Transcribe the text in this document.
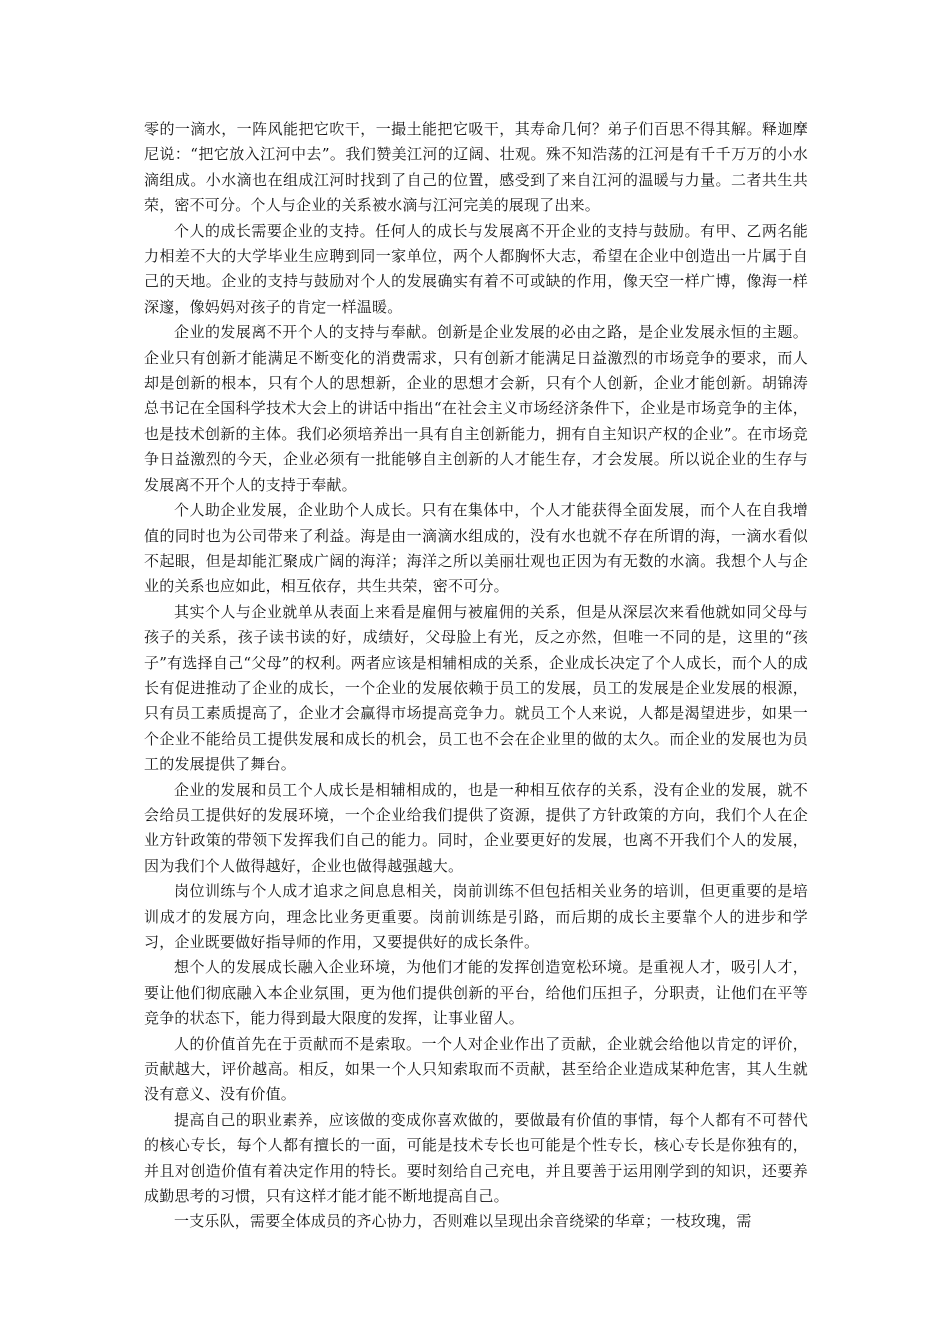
零的一滴水，一阵风能把它吹干，一撮土能把它吸干，其寿命几何？弟子们百思不得其解。释迦摩尼说：“把它放入江河中去”。我们赞美江河的辽阔、壮观。殊不知浩荡的江河是有千千万万的小水滴组成。小水滴也在组成江河时找到了自己的位置，感受到了来自江河的温暖与力量。二者共生共荣，密不可分。个人与企业的关系被水滴与江河完美的展现了出来。

个人的成长需要企业的支持。任何人的成长与发展离不开企业的支持与鼓励。有甲、乙两名能力相差不大的大学毕业生应聘到同一家单位，两个人都胸怀大志，希望在企业中创造出一片属于自己的天地。企业的支持与鼓励对个人的发展确实有着不可或缺的作用，像天空一样广博，像海一样深邃，像妈妈对孩子的肯定一样温暖。

企业的发展离不开个人的支持与奉献。创新是企业发展的必由之路，是企业发展永恒的主题。企业只有创新才能满足不断变化的消费需求，只有创新才能满足日益激烈的市场竞争的要求，而人却是创新的根本，只有个人的思想新，企业的思想才会新，只有个人创新，企业才能创新。胡锦涛总书记在全国科学技术大会上的讲话中指出“在社会主义市场经济条件下，企业是市场竞争的主体，也是技术创新的主体。我们必须培养出一具有自主创新能力，拥有自主知识产权的企业”。在市场竞争日益激烈的今天，企业必须有一批能够自主创新的人才能生存，才会发展。所以说企业的生存与发展离不开个人的支持于奉献。

个人助企业发展，企业助个人成长。只有在集体中，个人才能获得全面发展，而个人在自我增值的同时也为公司带来了利益。海是由一滴滴水组成的，没有水也就不存在所谓的海，一滴水看似不起眼，但是却能汇聚成广阔的海洋；海洋之所以美丽壮观也正因为有无数的水滴。我想个人与企业的关系也应如此，相互依存，共生共荣，密不可分。

其实个人与企业就单从表面上来看是雇佣与被雇佣的关系，但是从深层次来看他就如同父母与孩子的关系，孩子读书读的好，成绩好，父母脸上有光，反之亦然，但唯一不同的是，这里的“孩子”有选择自己“父母”的权利。两者应该是相辅相成的关系，企业成长决定了个人成长，而个人的成长有促进推动了企业的成长，一个企业的发展依赖于员工的发展，员工的发展是企业发展的根源，只有员工素质提高了，企业才会赢得市场提高竞争力。就员工个人来说，人都是渴望进步，如果一个企业不能给员工提供发展和成长的机会，员工也不会在企业里的做的太久。而企业的发展也为员工的发展提供了舞台。

企业的发展和员工个人成长是相辅相成的，也是一种相互依存的关系，没有企业的发展，就不会给员工提供好的发展环境，一个企业给我们提供了资源，提供了方针政策的方向，我们个人在企业方针政策的带领下发挥我们自己的能力。同时，企业要更好的发展，也离不开我们个人的发展，因为我们个人做得越好，企业也做得越强越大。

岗位训练与个人成才追求之间息息相关，岗前训练不但包括相关业务的培训，但更重要的是培训成才的发展方向，理念比业务更重要。岗前训练是引路，而后期的成长主要靠个人的进步和学习，企业既要做好指导师的作用，又要提供好的成长条件。

想个人的发展成长融入企业环境，为他们才能的发挥创造宽松环境。是重视人才，吸引人才，要让他们彻底融入本企业氛围，更为他们提供创新的平台，给他们压担子，分职责，让他们在平等竞争的状态下，能力得到最大限度的发挥，让事业留人。

人的价值首先在于贡献而不是索取。一个人对企业作出了贡献，企业就会给他以肯定的评价，贡献越大，评价越高。相反，如果一个人只知索取而不贡献，甚至给企业造成某种危害，其人生就没有意义、没有价值。

提高自己的职业素养，应该做的变成你喜欢做的，要做最有价值的事情，每个人都有不可替代的核心专长，每个人都有擅长的一面，可能是技术专长也可能是个性专长，核心专长是你独有的，并且对创造价值有着决定作用的特长。要时刻给自己充电，并且要善于运用刚学到的知识，还要养成勤思考的习惯，只有这样才能才能不断地提高自己。

一支乐队，需要全体成员的齐心协力，否则难以呈现出余音绕梁的华章；一枝玫瑰，需
